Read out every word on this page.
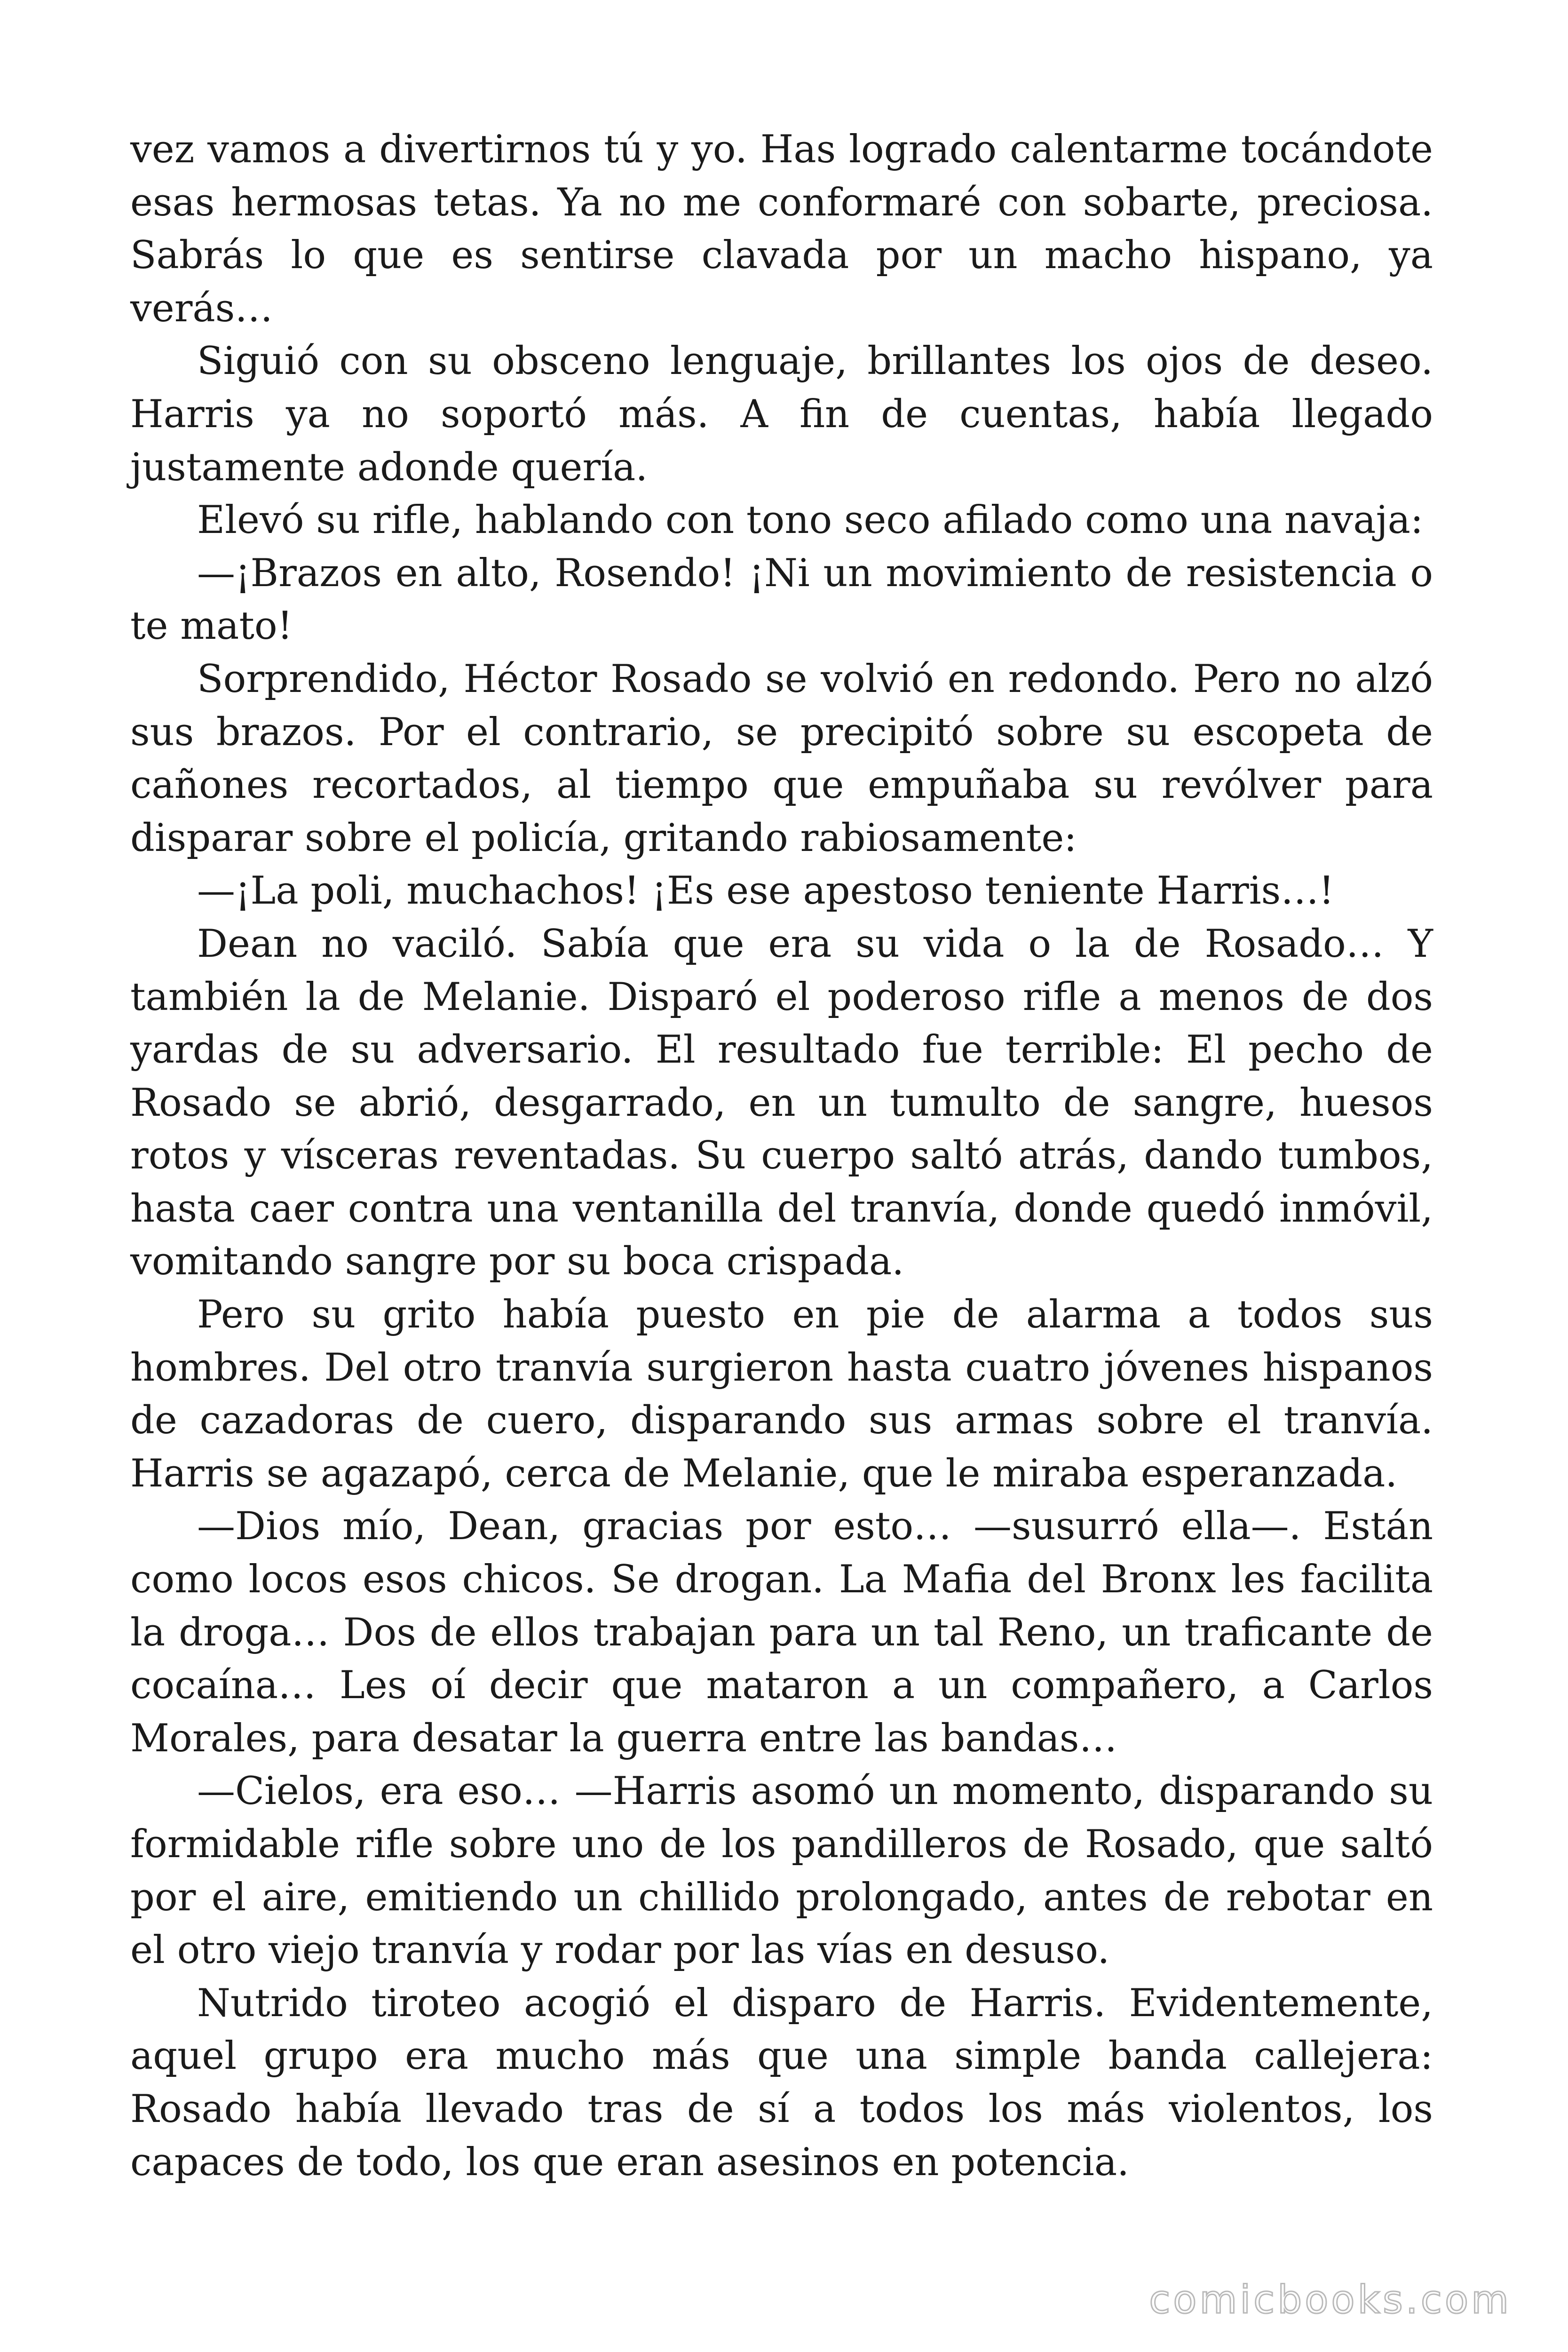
vez vamos a divertirnos tú y yo. Has logrado calentarme tocándote esas hermosas tetas. Ya no me conformaré con sobarte, preciosa. Sabrás lo que es sentirse clavada por un macho hispano, ya verás…

Siguió con su obsceno lenguaje, brillantes los ojos de deseo. Harris ya no soportó más. A fin de cuentas, había llegado justamente adonde quería.

Elevó su rifle, hablando con tono seco afilado como una navaja:

—¡Brazos en alto, Rosendo! ¡Ni un movimiento de resistencia o te mato!

Sorprendido, Héctor Rosado se volvió en redondo. Pero no alzó sus brazos. Por el contrario, se precipitó sobre su escopeta de cañones recortados, al tiempo que empuñaba su revólver para disparar sobre el policía, gritando rabiosamente:

—¡La poli, muchachos! ¡Es ese apestoso teniente Harris…!

Dean no vaciló. Sabía que era su vida o la de Rosado… Y también la de Melanie. Disparó el poderoso rifle a menos de dos yardas de su adversario. El resultado fue terrible: El pecho de Rosado se abrió, desgarrado, en un tumulto de sangre, huesos rotos y vísceras reventadas. Su cuerpo saltó atrás, dando tumbos, hasta caer contra una ventanilla del tranvía, donde quedó inmóvil, vomitando sangre por su boca crispada.

Pero su grito había puesto en pie de alarma a todos sus hombres. Del otro tranvía surgieron hasta cuatro jóvenes hispanos de cazadoras de cuero, disparando sus armas sobre el tranvía. Harris se agazapó, cerca de Melanie, que le miraba esperanzada.

—Dios mío, Dean, gracias por esto… —susurró ella—. Están como locos esos chicos. Se drogan. La Mafia del Bronx les facilita la droga… Dos de ellos trabajan para un tal Reno, un traficante de cocaína… Les oí decir que mataron a un compañero, a Carlos Morales, para desatar la guerra entre las bandas…

—Cielos, era eso… —Harris asomó un momento, disparando su formidable rifle sobre uno de los pandilleros de Rosado, que saltó por el aire, emitiendo un chillido prolongado, antes de rebotar en el otro viejo tranvía y rodar por las vías en desuso.

Nutrido tiroteo acogió el disparo de Harris. Evidentemente, aquel grupo era mucho más que una simple banda callejera: Rosado había llevado tras de sí a todos los más violentos, los capaces de todo, los que eran asesinos en potencia.

comicbooks.com
